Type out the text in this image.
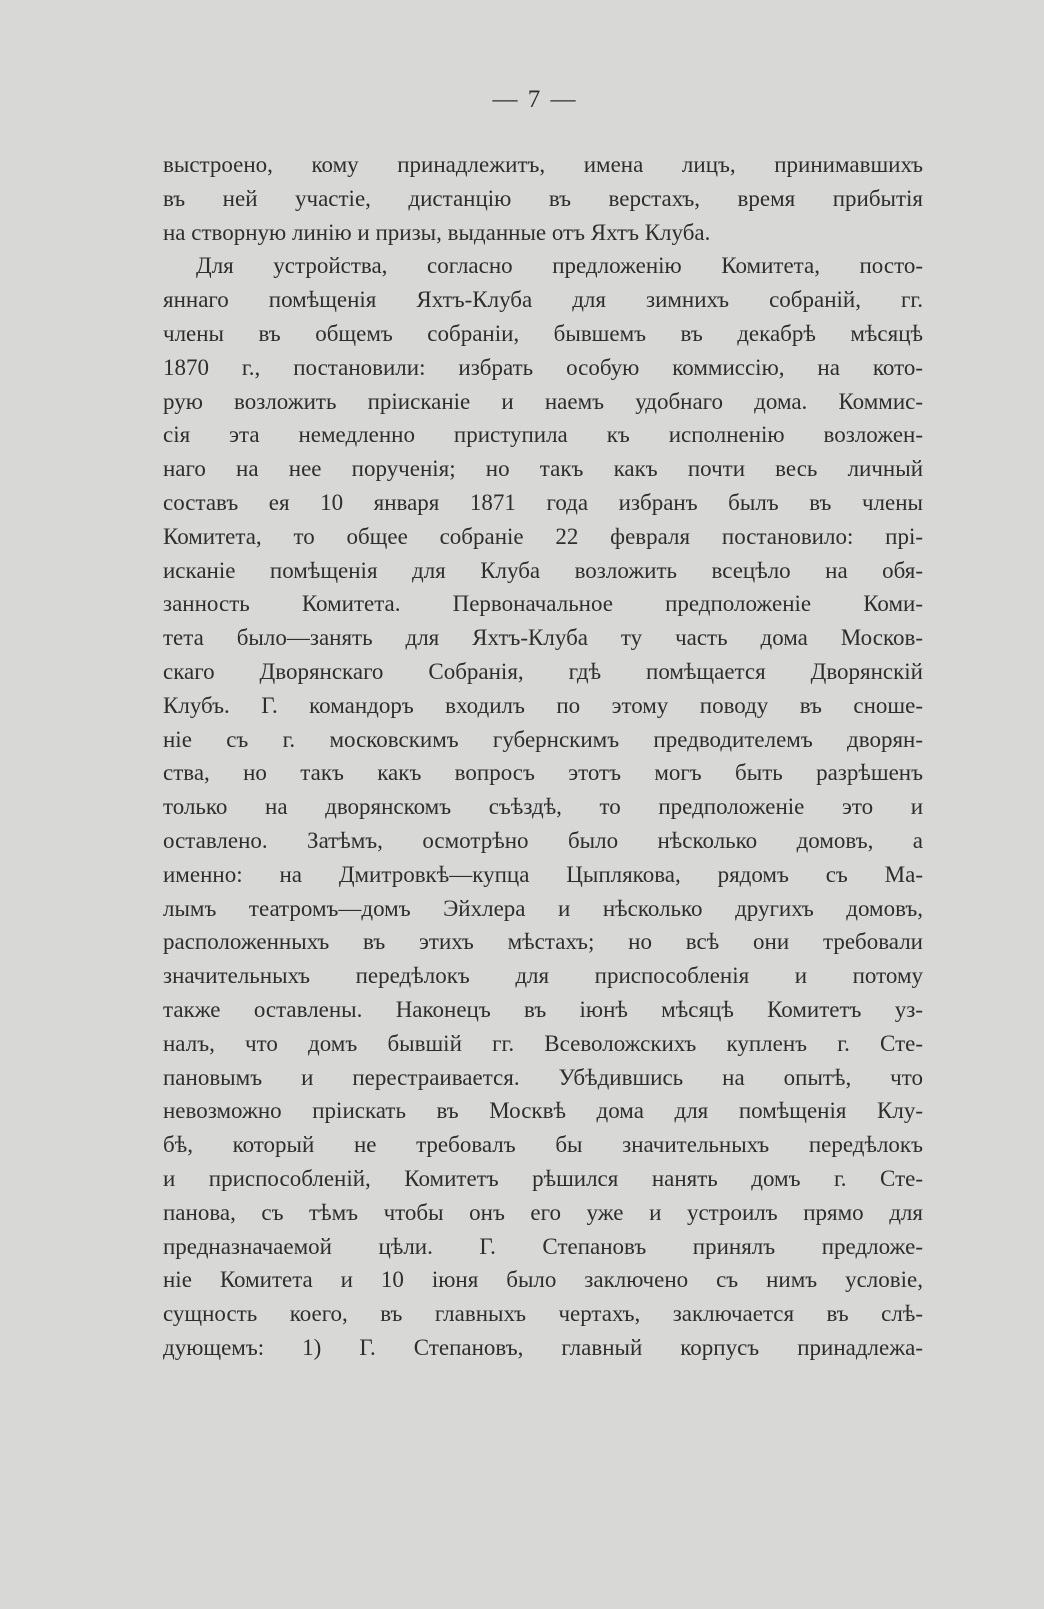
— 7 —
выстроено, кому принадлежитъ, имена лицъ, принимавшихъ
въ ней участіе, дистанцію въ верстахъ, время прибытія
на створную линію и призы, выданные отъ Яхтъ Клуба.
Для устройства, согласно предложенію Комитета, посто-
яннаго помѣщенія Яхтъ-Клуба для зимнихъ собраній, гг.
члены въ общемъ собраніи, бывшемъ въ декабрѣ мѣсяцѣ
1870 г., постановили: избрать особую коммиссію, на кото-
рую возложить пріисканіе и наемъ удобнаго дома. Коммис-
сія эта немедленно приступила къ исполненію возложен-
наго на нее порученія; но такъ какъ почти весь личный
составъ ея 10 января 1871 года избранъ былъ въ члены
Комитета, то общее собраніе 22 февраля постановило: прі-
исканіе помѣщенія для Клуба возложить всецѣло на обя-
занность Комитета. Первоначальное предположеніе Коми-
тета было—занять для Яхтъ-Клуба ту часть дома Москов-
скаго Дворянскаго Собранія, гдѣ помѣщается Дворянскій
Клубъ. Г. командоръ входилъ по этому поводу въ сноше-
ніе съ г. московскимъ губернскимъ предводителемъ дворян-
ства, но такъ какъ вопросъ этотъ могъ быть разрѣшенъ
только на дворянскомъ съѣздѣ, то предположеніе это и
оставлено. Затѣмъ, осмотрѣно было нѣсколько домовъ, а
именно: на Дмитровкѣ—купца Цыплякова, рядомъ съ Ма-
лымъ театромъ—домъ Эйхлера и нѣсколько другихъ домовъ,
расположенныхъ въ этихъ мѣстахъ; но всѣ они требовали
значительныхъ передѣлокъ для приспособленія и потому
также оставлены. Наконецъ въ іюнѣ мѣсяцѣ Комитетъ уз-
налъ, что домъ бывшій гг. Всеволожскихъ купленъ г. Сте-
пановымъ и перестраивается. Убѣдившись на опытѣ, что
невозможно пріискать въ Москвѣ дома для помѣщенія Клу-
бѣ, который не требовалъ бы значительныхъ передѣлокъ
и приспособленій, Комитетъ рѣшился нанять домъ г. Сте-
панова, съ тѣмъ чтобы онъ его уже и устроилъ прямо для
предназначаемой цѣли. Г. Степановъ принялъ предложе-
ніе Комитета и 10 іюня было заключено съ нимъ условіе,
сущность коего, въ главныхъ чертахъ, заключается въ слѣ-
дующемъ: 1) Г. Степановъ, главный корпусъ принадлежа-
